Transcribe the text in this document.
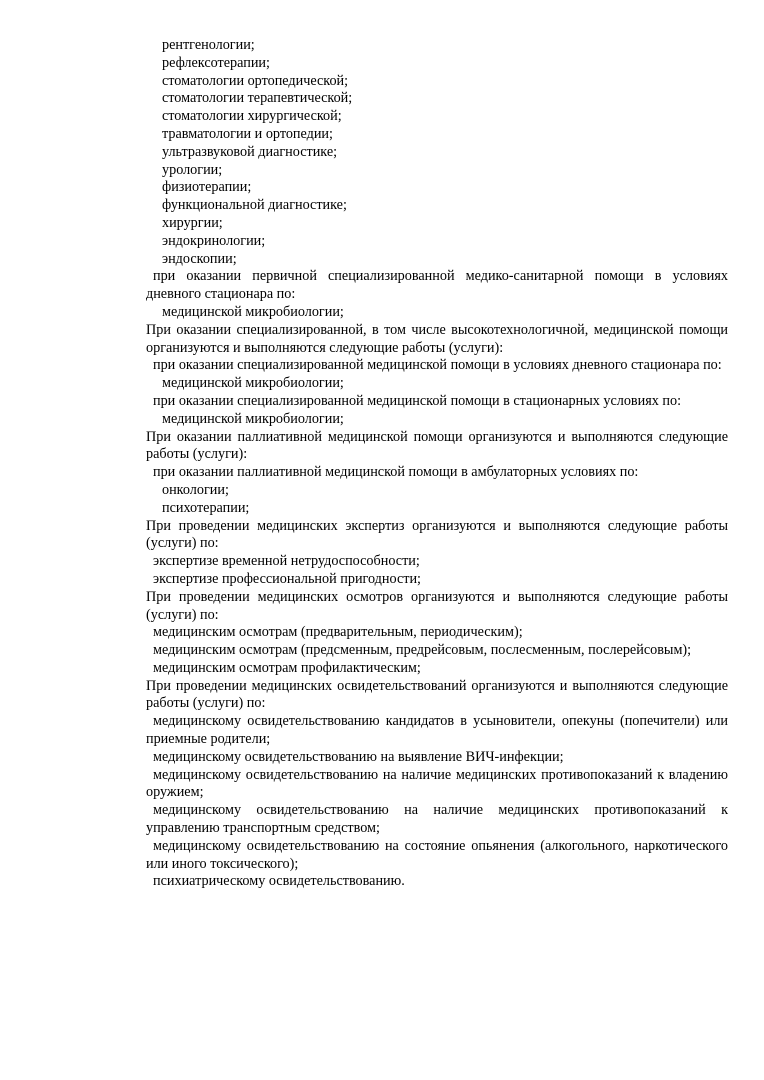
рентгенологии;

рефлексотерапии;

стоматологии ортопедической;

стоматологии терапевтической;

стоматологии хирургической;

травматологии и ортопедии;

ультразвуковой диагностике;

урологии;

физиотерапии;

функциональной диагностике;

хирургии;

эндокринологии;

эндоскопии;

при оказании первичной специализированной медико-санитарной помощи в условиях дневного стационара по:

медицинской микробиологии;

При оказании специализированной, в том числе высокотехнологичной, медицинской помощи организуются и выполняются следующие работы (услуги):

при оказании специализированной медицинской помощи в условиях дневного стационара по:

медицинской микробиологии;

при оказании специализированной медицинской помощи в стационарных условиях по:

медицинской микробиологии;

При оказании паллиативной медицинской помощи организуются и выполняются следующие работы (услуги):

при оказании паллиативной медицинской помощи в амбулаторных условиях по:

онкологии;

психотерапии;

При проведении медицинских экспертиз организуются и выполняются следующие работы (услуги) по:

экспертизе временной нетрудоспособности;

экспертизе профессиональной пригодности;

При проведении медицинских осмотров организуются и выполняются следующие работы (услуги) по:

медицинским осмотрам (предварительным, периодическим);

медицинским осмотрам (предсменным, предрейсовым, послесменным, послерейсовым);

медицинским осмотрам профилактическим;

При проведении медицинских освидетельствований организуются и выполняются следующие работы (услуги) по:

медицинскому освидетельствованию кандидатов в усыновители, опекуны (попечители) или приемные родители;

медицинскому освидетельствованию на выявление ВИЧ-инфекции;

медицинскому освидетельствованию на наличие медицинских противопоказаний к владению оружием;

медицинскому освидетельствованию на наличие медицинских противопоказаний к управлению транспортным средством;

медицинскому освидетельствованию на состояние опьянения (алкогольного, наркотического или иного токсического);

психиатрическому освидетельствованию.
